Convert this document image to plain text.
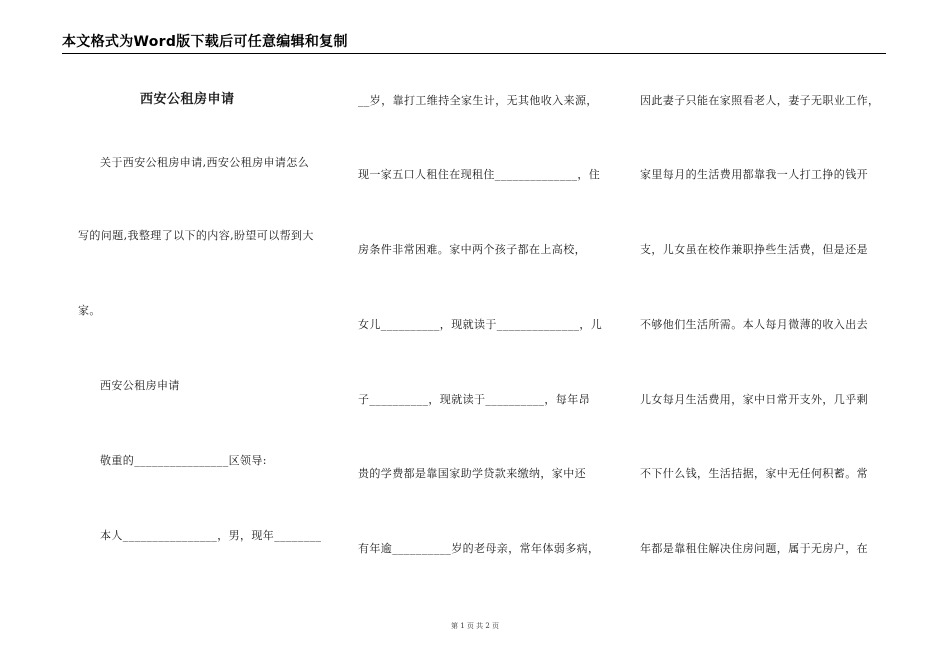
本文格式为Word版下载后可任意编辑和复制
西安公租房申请
关于西安公租房申请,西安公租房申请怎么
写的问题,我整理了以下的内容,盼望可以帮到大
家。
西安公租房申请
敬重的________________区领导:
本人________________，男，现年________
__岁，靠打工维持全家生计，无其他收入来源，
现一家五口人租住在现租住______________，住
房条件非常困难。家中两个孩子都在上高校，
女儿__________，现就读于______________，儿
子__________，现就读于__________，每年昂
贵的学费都是靠国家助学贷款来缴纳，家中还
有年逾__________岁的老母亲，常年体弱多病，
因此妻子只能在家照看老人，妻子无职业工作，
家里每月的生活费用都靠我一人打工挣的钱开
支，儿女虽在校作兼职挣些生活费，但是还是
不够他们生活所需。本人每月微薄的收入出去
儿女每月生活费用，家中日常开支外，几乎剩
不下什么钱，生活拮据，家中无任何积蓄。常
年都是靠租住解决住房问题，属于无房户，在
第 1 页 共 2 页
